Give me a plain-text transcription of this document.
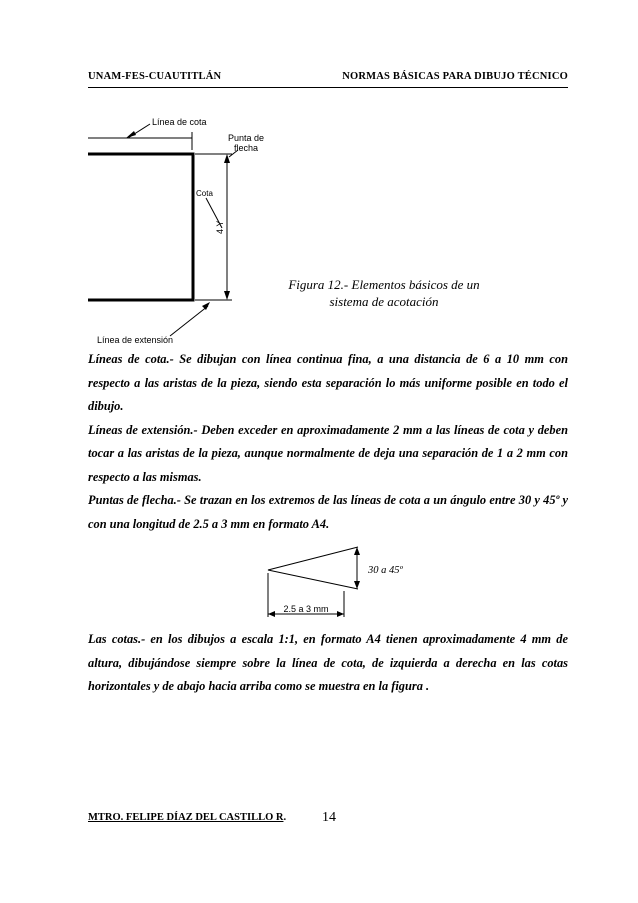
UNAM-FES-CUAUTITLÁN	NORMAS BÁSICAS PARA DIBUJO TÉCNICO
Línea de cota
Punta de
flecha
Cota
4 Y
Línea de extensión
Figura 12.- Elementos básicos de un
sistema de acotación

Líneas de cota.- Se dibujan con línea continua fina, a una distancia de 6 a 10 mm con respecto a las aristas de la pieza, siendo esta separación lo más uniforme posible en todo el dibujo.

Líneas de extensión.- Deben exceder en aproximadamente 2 mm a las líneas de cota y deben tocar a las aristas de la pieza, aunque normalmente de deja una separación de 1 a 2 mm con respecto a las mismas.

Puntas de flecha.- Se trazan en los extremos de las líneas de cota a un ángulo entre 30 y 45º y con una longitud de 2.5 a 3 mm en formato A4.

30 a 45º
2.5 a 3 mm

Las cotas.- en los dibujos a escala 1:1, en formato A4 tienen aproximadamente 4 mm de altura, dibujándose siempre sobre la línea de cota, de izquierda a derecha en las cotas horizontales y de abajo hacia arriba como se muestra en la figura .

MTRO. FELIPE DÍAZ DEL CASTILLO R.	14
